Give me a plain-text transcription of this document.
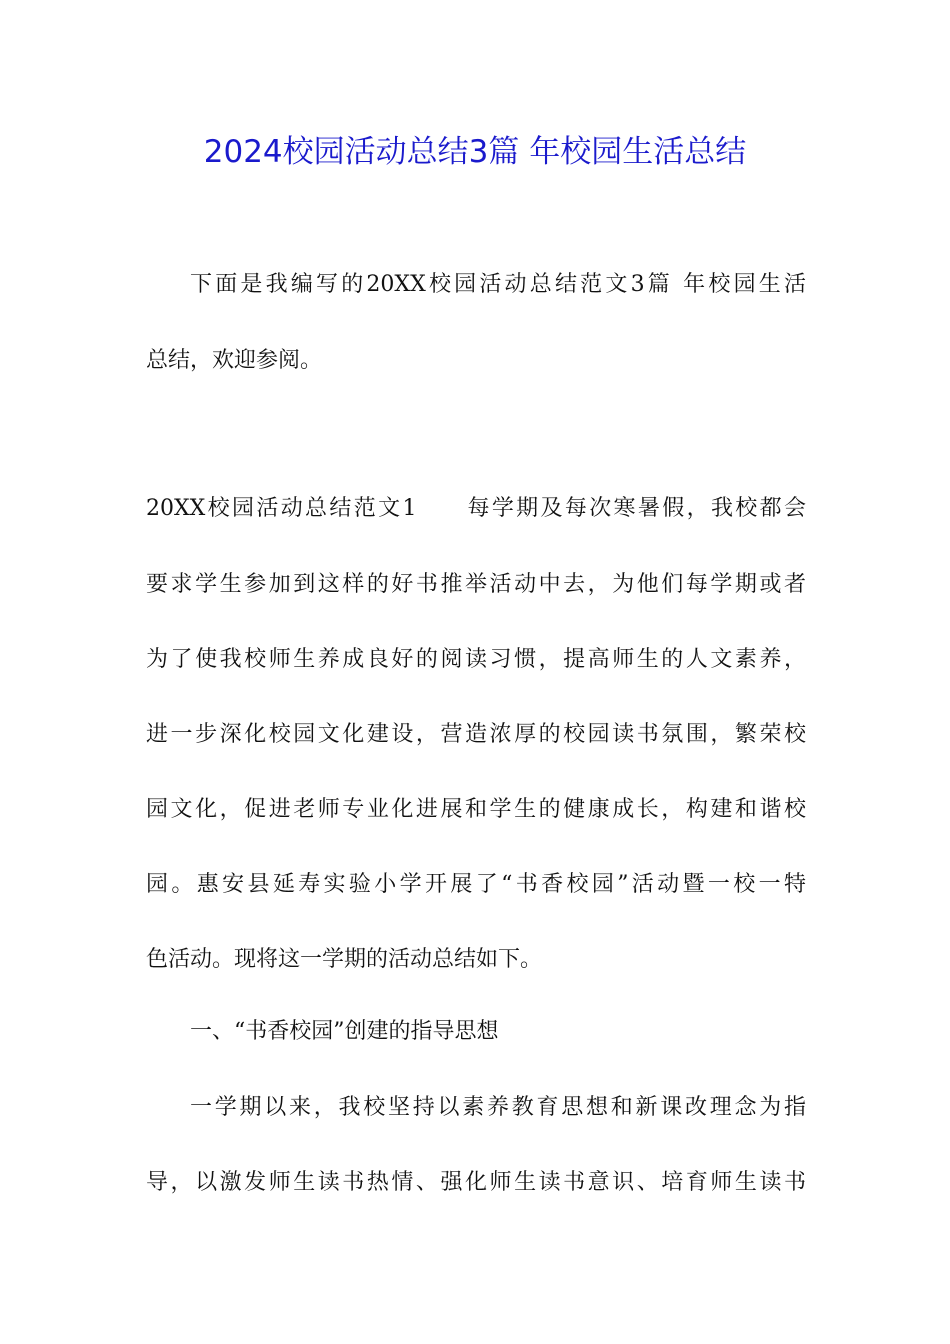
2024校园活动总结3篇 年校园生活总结
下面是我编写的20XX校园活动总结范文3篇 年校园生活
总结，欢迎参阅。
20XX校园活动总结范文1　　每学期及每次寒暑假，我校都会
要求学生参加到这样的好书推举活动中去，为他们每学期或者
为了使我校师生养成良好的阅读习惯，提高师生的人文素养，
进一步深化校园文化建设，营造浓厚的校园读书氛围，繁荣校
园文化，促进老师专业化进展和学生的健康成长，构建和谐校
园。惠安县延寿实验小学开展了“书香校园”活动暨一校一特
色活动。现将这一学期的活动总结如下。
一、“书香校园”创建的指导思想
一学期以来，我校坚持以素养教育思想和新课改理念为指
导，以激发师生读书热情、强化师生读书意识、培育师生读书
